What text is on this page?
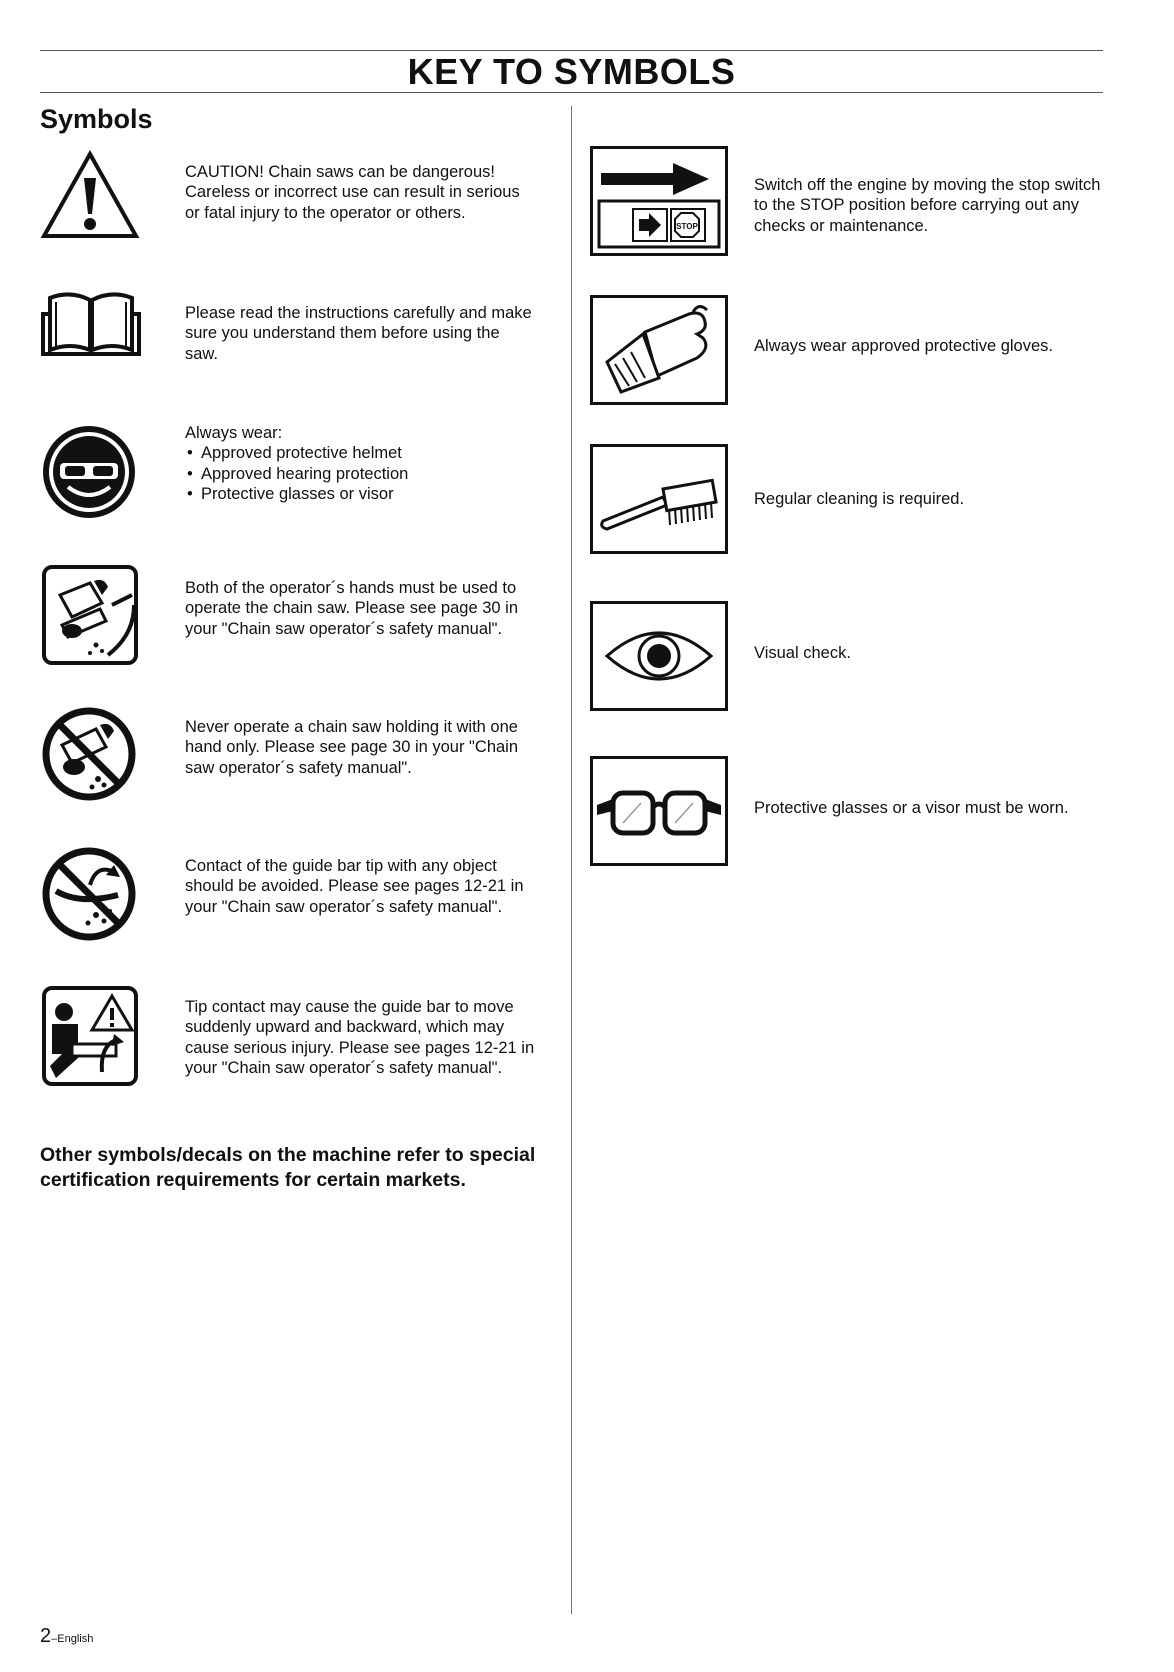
KEY TO SYMBOLS
Symbols
CAUTION! Chain saws can be dangerous! Careless or incorrect use can result in serious or fatal injury to the operator or others.
Please read the instructions carefully and make sure you understand them before using the saw.
Always wear:
• Approved protective helmet
• Approved hearing protection
• Protective glasses or visor
Both of the operator´s hands must be used to operate the chain saw. Please see page 30 in your "Chain saw operator´s safety manual".
Never operate a chain saw holding it with one hand only. Please see page 30 in your "Chain saw operator´s safety manual".
Contact of the guide bar tip with any object should be avoided. Please see pages 12-21 in your "Chain saw operator´s safety manual".
Tip contact may cause the guide bar to move suddenly upward and backward, which may cause serious injury. Please see pages 12-21 in your "Chain saw operator´s safety manual".
Other symbols/decals on the machine refer to special certification requirements for certain markets.
STOP
Switch off the engine by moving the stop switch to the STOP position before carrying out any checks or maintenance.
Always wear approved protective gloves.
Regular cleaning is required.
Visual check.
Protective glasses or a visor must be worn.
2–English
